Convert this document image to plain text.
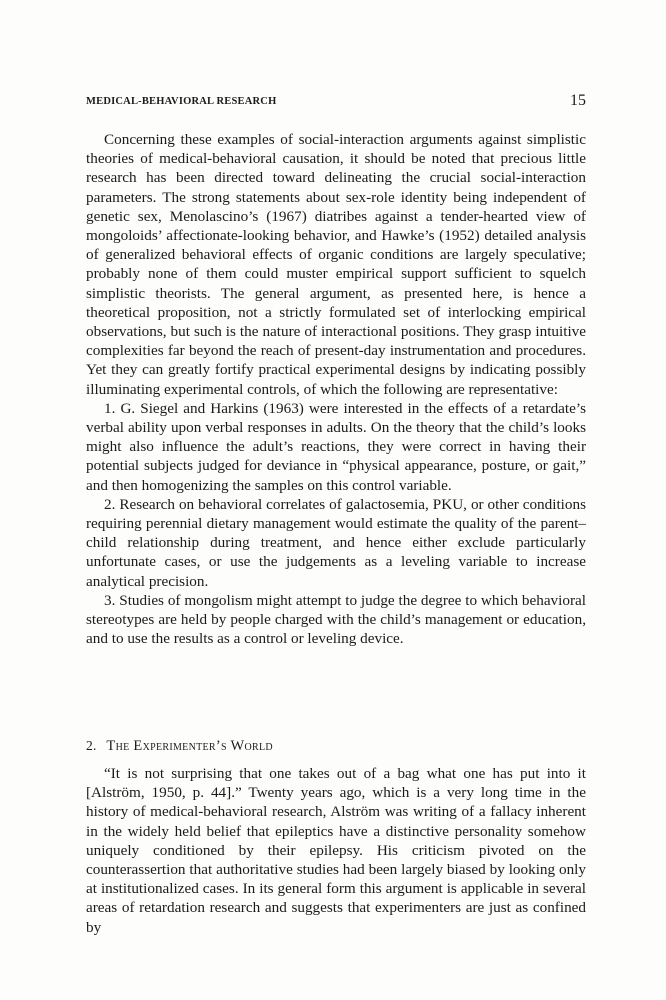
MEDICAL-BEHAVIORAL RESEARCH	15

Concerning these examples of social-interaction arguments against simplistic theories of medical-behavioral causation, it should be noted that precious little research has been directed toward delineating the crucial social-interaction parameters. The strong statements about sex-role identity being independent of genetic sex, Menolascino’s (1967) diatribes against a tender-hearted view of mongoloids’ affectionate-looking behavior, and Hawke’s (1952) detailed analysis of generalized behavioral effects of organic conditions are largely speculative; probably none of them could muster empirical support sufficient to squelch simplistic theorists. The general argument, as presented here, is hence a theoretical proposition, not a strictly formulated set of interlocking empirical observations, but such is the nature of interactional positions. They grasp intuitive complexities far beyond the reach of present-day instrumentation and procedures. Yet they can greatly fortify practical experimental designs by indicating possibly illuminating experimental controls, of which the following are representative:

1. G. Siegel and Harkins (1963) were interested in the effects of a retardate’s verbal ability upon verbal responses in adults. On the theory that the child’s looks might also influence the adult’s reactions, they were correct in having their potential subjects judged for deviance in “physical appearance, posture, or gait,” and then homogenizing the samples on this control variable.

2. Research on behavioral correlates of galactosemia, PKU, or other conditions requiring perennial dietary management would estimate the quality of the parent–child relationship during treatment, and hence either exclude particularly unfortunate cases, or use the judgements as a leveling variable to increase analytical precision.

3. Studies of mongolism might attempt to judge the degree to which behavioral stereotypes are held by people charged with the child’s management or education, and to use the results as a control or leveling device.

2. The Experimenter’s World

“It is not surprising that one takes out of a bag what one has put into it [Alström, 1950, p. 44].” Twenty years ago, which is a very long time in the history of medical-behavioral research, Alström was writing of a fallacy inherent in the widely held belief that epileptics have a distinctive personality somehow uniquely conditioned by their epilepsy. His criticism pivoted on the counterassertion that authoritative studies had been largely biased by looking only at institutionalized cases. In its general form this argument is applicable in several areas of retardation research and suggests that experimenters are just as confined by
